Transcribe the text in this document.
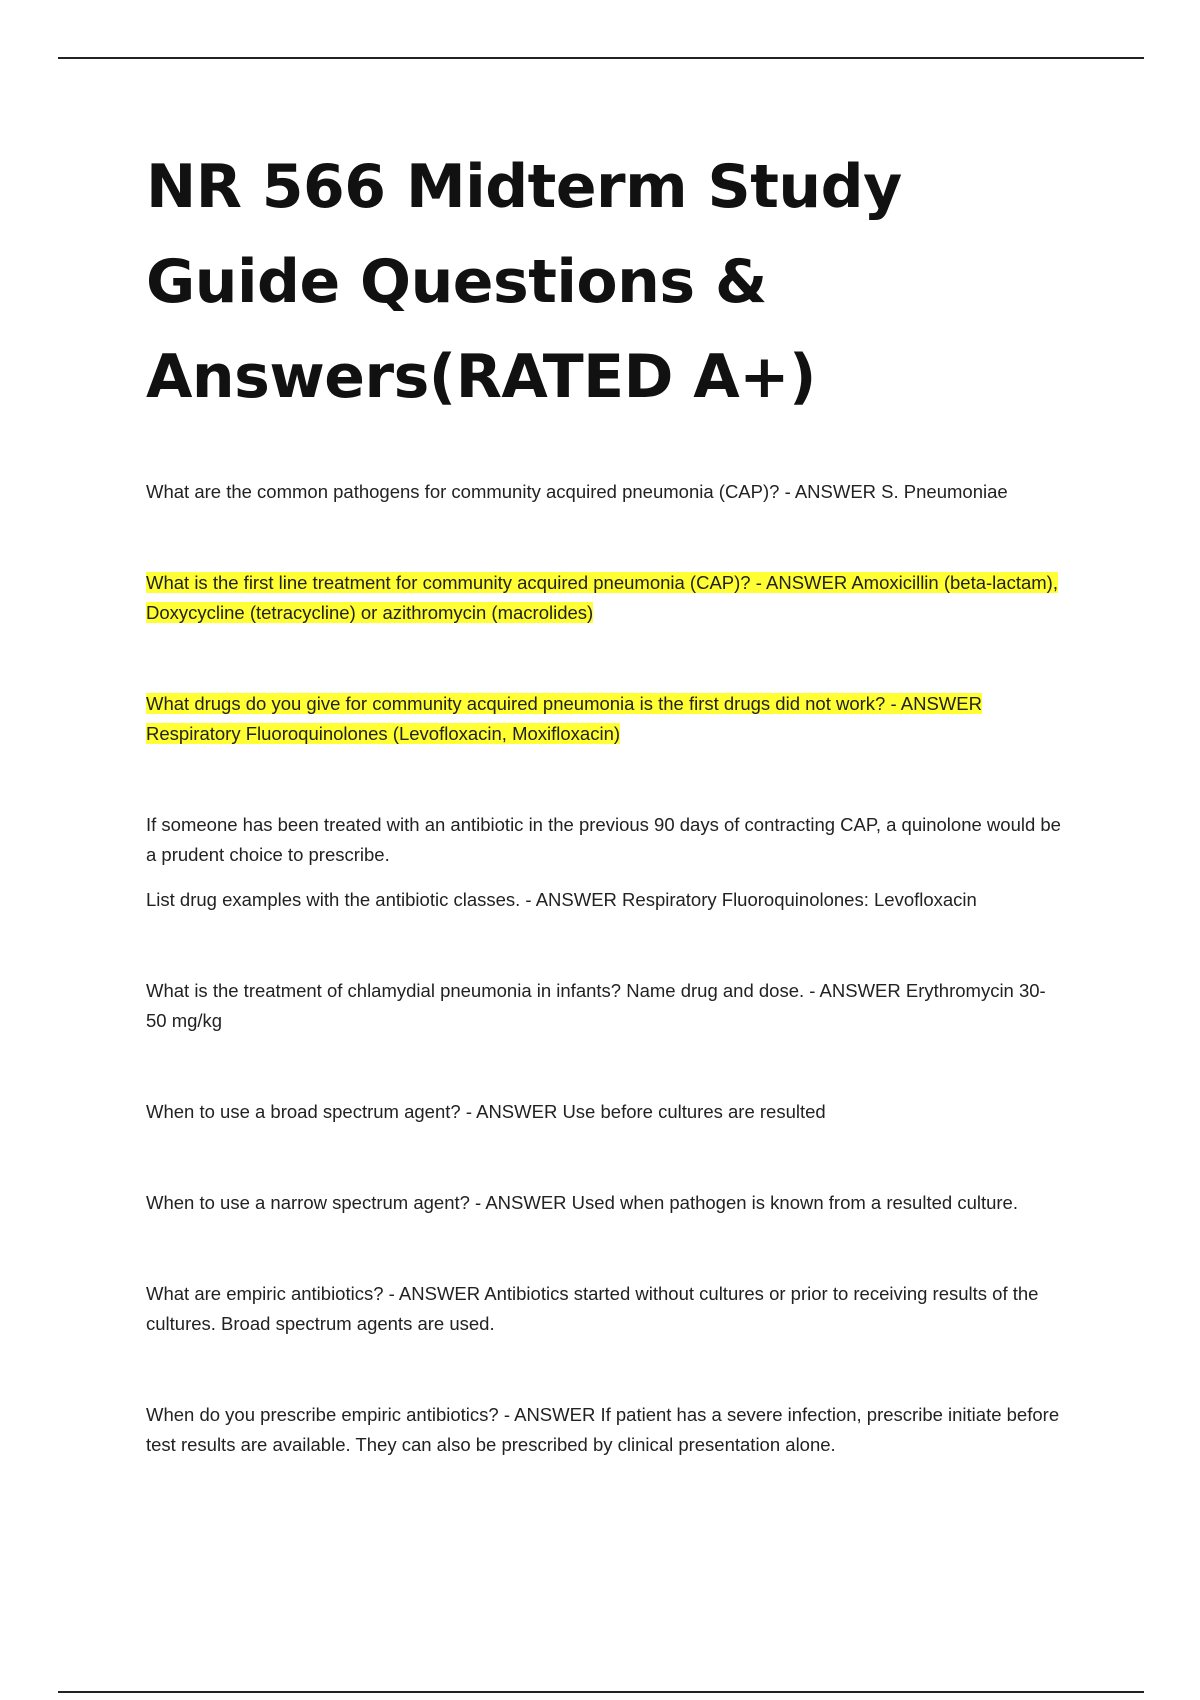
NR 566 Midterm Study Guide Questions & Answers(RATED A+)

What are the common pathogens for community acquired pneumonia (CAP)? - ANSWER S. Pneumoniae

What is the first line treatment for community acquired pneumonia (CAP)? - ANSWER Amoxicillin (beta-lactam), Doxycycline (tetracycline) or azithromycin (macrolides)

What drugs do you give for community acquired pneumonia is the first drugs did not work? - ANSWER Respiratory Fluoroquinolones (Levofloxacin, Moxifloxacin)

If someone has been treated with an antibiotic in the previous 90 days of contracting CAP, a quinolone would be a prudent choice to prescribe.

List drug examples with the antibiotic classes. - ANSWER Respiratory Fluoroquinolones: Levofloxacin

What is the treatment of chlamydial pneumonia in infants? Name drug and dose. - ANSWER Erythromycin 30-50 mg/kg

When to use a broad spectrum agent? - ANSWER Use before cultures are resulted

When to use a narrow spectrum agent? - ANSWER Used when pathogen is known from a resulted culture.

What are empiric antibiotics? - ANSWER Antibiotics started without cultures or prior to receiving results of the cultures. Broad spectrum agents are used.

When do you prescribe empiric antibiotics? - ANSWER If patient has a severe infection, prescribe initiate before test results are available. They can also be prescribed by clinical presentation alone.
